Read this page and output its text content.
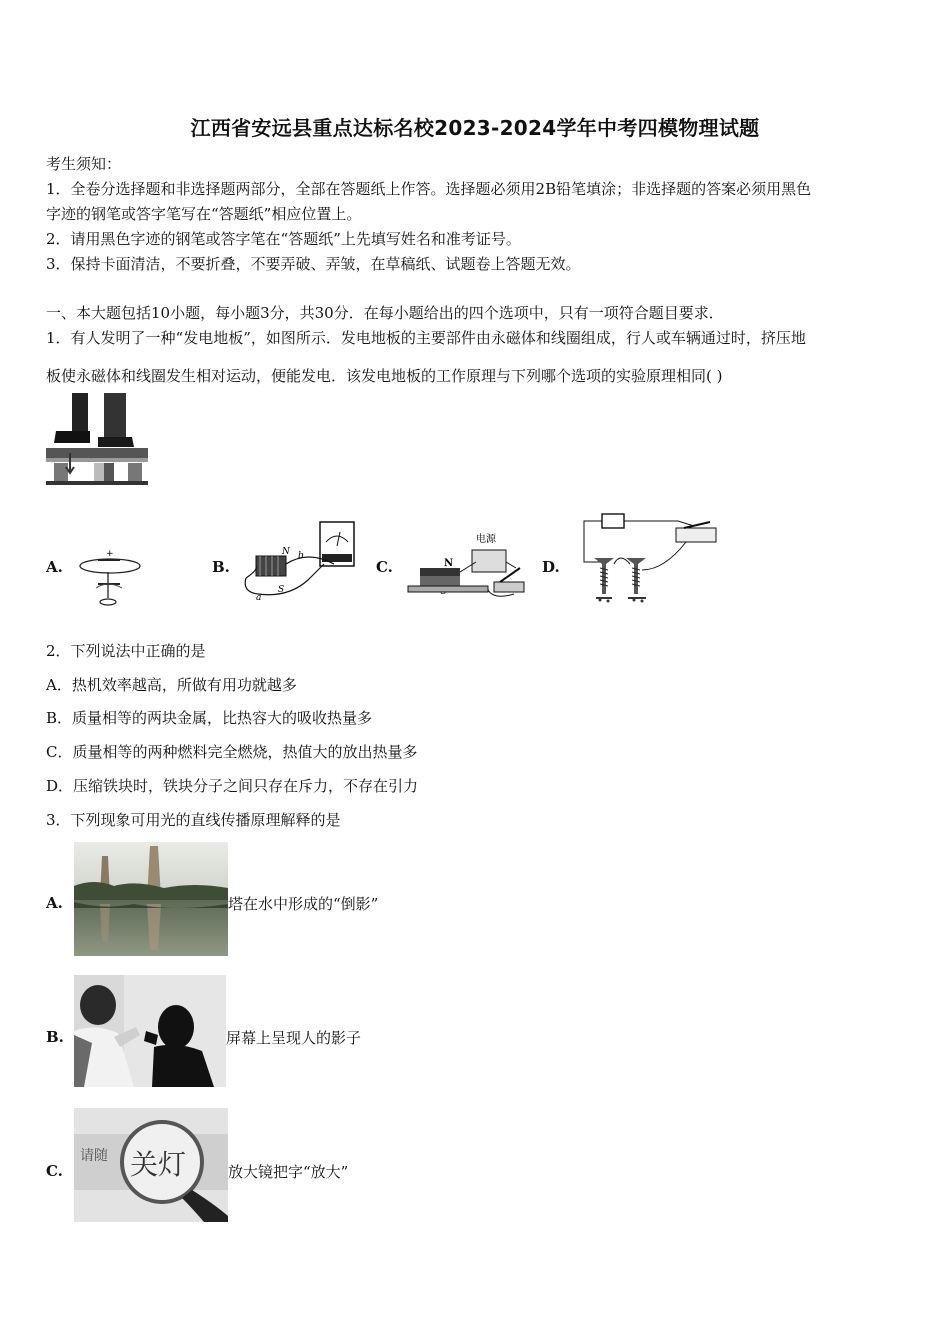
江西省安远县重点达标名校2023-2024学年中考四模物理试题
考生须知：
1．全卷分选择题和非选择题两部分，全部在答题纸上作答。选择题必须用2B铅笔填涂；非选择题的答案必须用黑色
字迹的钢笔或答字笔写在“答题纸”相应位置上。
2．请用黑色字迹的钢笔或答字笔在“答题纸”上先填写姓名和准考证号。
3．保持卡面清洁，不要折叠，不要弄破、弄皱，在草稿纸、试题卷上答题无效。
一、本大题包括10小题，每小题3分，共30分．在每小题给出的四个选项中，只有一项符合题目要求．
1．有人发明了一种“发电地板”，如图所示．发电地板的主要部件由永磁体和线圈组成，行人或车辆通过时，挤压地
板使永磁体和线圈发生相对运动，便能发电．该发电地板的工作原理与下列哪个选项的实验原理相同( )
A.
+
B.
N b
S
a
C.
电源
N	D.
2．下列说法中正确的是
A．热机效率越高，所做有用功就越多
B．质量相等的两块金属，比热容大的吸收热量多
C．质量相等的两种燃料完全燃烧，热值大的放出热量多
D．压缩铁块时，铁块分子之间只存在斥力，不存在引力
3．下列现象可用光的直线传播原理解释的是
A.	塔在水中形成的“倒影”
B.	屏幕上呈现人的影子
C.
请随 关灯	放大镜把字“放大”
